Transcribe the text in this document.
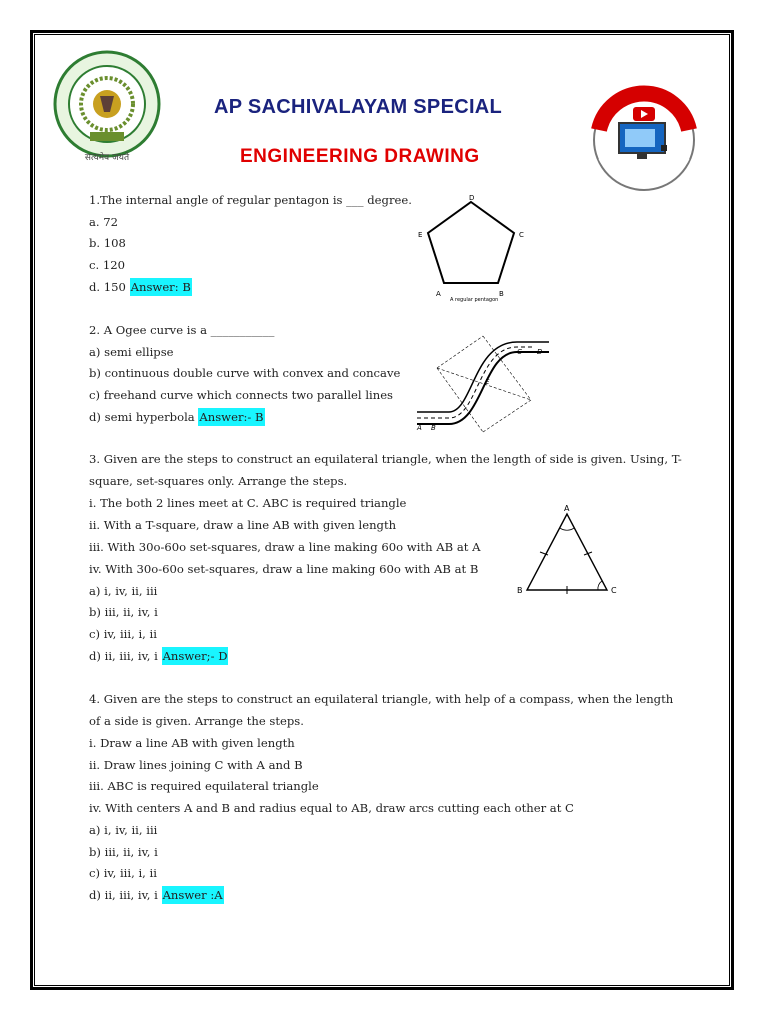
सत्यमेव जयते
AP SACHIVALAYAM SPECIAL
ENGINEERING DRAWING
1.The internal angle of regular pentagon is ___ degree.
a. 72
b. 108
c. 120
d. 150 Answer: B
D
E	C
A	B
A regular pentagon
2. A Ogee curve is a ___________
a) semi ellipse
b) continuous double curve with convex and concave
c) freehand curve which connects two parallel lines
d) semi hyperbola Answer:- B
A B
C D
E
3. Given are the steps to construct an equilateral triangle, when the length of side is given. Using, T-square, set-squares only. Arrange the steps.
i. The both 2 lines meet at C. ABC is required triangle
ii. With a T-square, draw a line AB with given length
iii. With 30o-60o set-squares, draw a line making 60o with AB at A
iv. With 30o-60o set-squares, draw a line making 60o with AB at B
a) i, iv, ii, iii
b) iii, ii, iv, i
c) iv, iii, i, ii
d) ii, iii, iv, i Answer;- D
A
B	C
4. Given are the steps to construct an equilateral triangle, with help of a compass, when the length of a side is given. Arrange the steps.
i. Draw a line AB with given length
ii. Draw lines joining C with A and B
iii. ABC is required equilateral triangle
iv. With centers A and B and radius equal to AB, draw arcs cutting each other at C
a) i, iv, ii, iii
b) iii, ii, iv, i
c) iv, iii, i, ii
d) ii, iii, iv, i Answer :A
